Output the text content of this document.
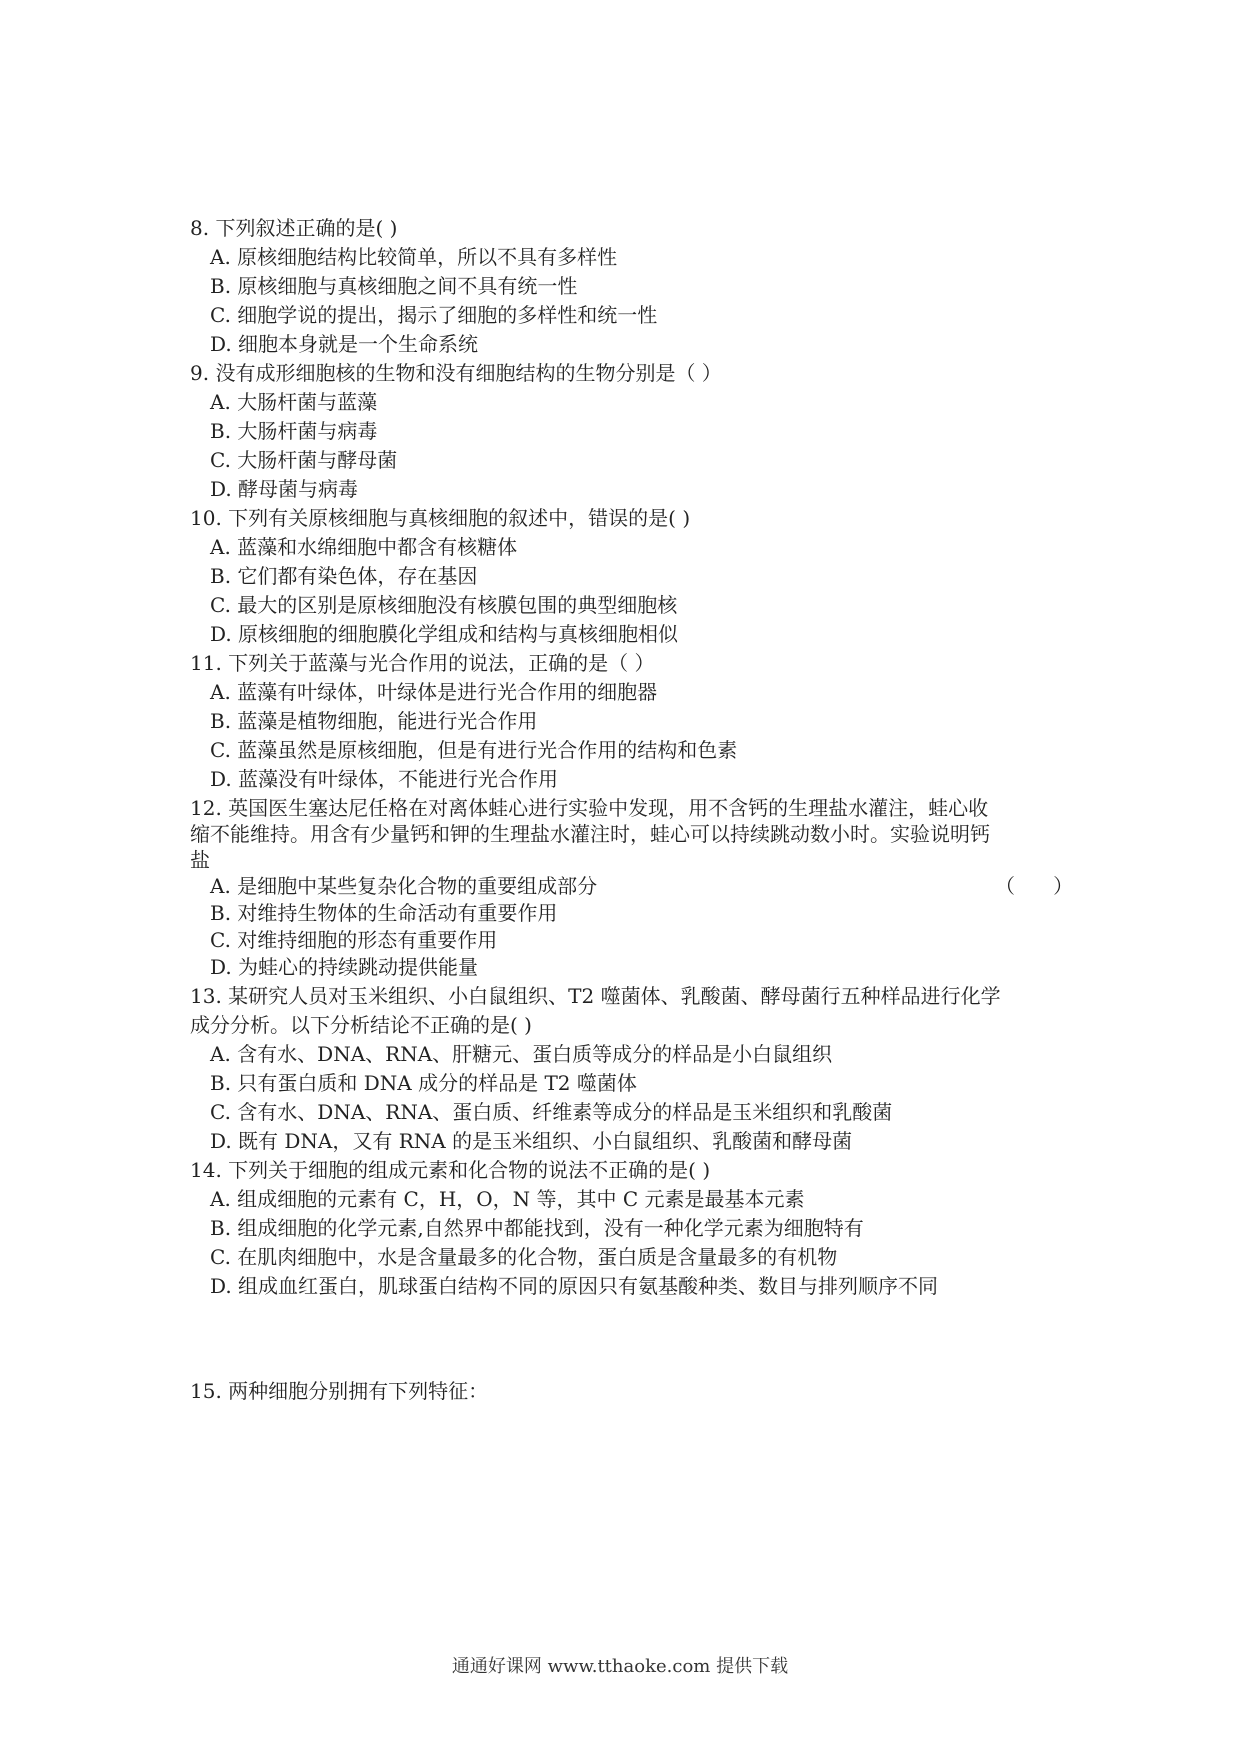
8. 下列叙述正确的是( )
A. 原核细胞结构比较简单，所以不具有多样性
B. 原核细胞与真核细胞之间不具有统一性
C. 细胞学说的提出，揭示了细胞的多样性和统一性
D. 细胞本身就是一个生命系统
9. 没有成形细胞核的生物和没有细胞结构的生物分别是（ ）
A. 大肠杆菌与蓝藻
B. 大肠杆菌与病毒
C. 大肠杆菌与酵母菌
D. 酵母菌与病毒
10. 下列有关原核细胞与真核细胞的叙述中，错误的是( )
A. 蓝藻和水绵细胞中都含有核糖体
B. 它们都有染色体，存在基因
C. 最大的区别是原核细胞没有核膜包围的典型细胞核
D. 原核细胞的细胞膜化学组成和结构与真核细胞相似
11. 下列关于蓝藻与光合作用的说法，正确的是（ ）
A. 蓝藻有叶绿体，叶绿体是进行光合作用的细胞器
B. 蓝藻是植物细胞，能进行光合作用
C. 蓝藻虽然是原核细胞，但是有进行光合作用的结构和色素
D. 蓝藻没有叶绿体，不能进行光合作用
12. 英国医生塞达尼任格在对离体蛙心进行实验中发现，用不含钙的生理盐水灌注，蛙心收
缩不能维持。用含有少量钙和钾的生理盐水灌注时，蛙心可以持续跳动数小时。实验说明钙
盐
A. 是细胞中某些复杂化合物的重要组成部分	（      ）
B. 对维持生物体的生命活动有重要作用
C. 对维持细胞的形态有重要作用
D. 为蛙心的持续跳动提供能量
13. 某研究人员对玉米组织、小白鼠组织、T2 噬菌体、乳酸菌、酵母菌行五种样品进行化学
成分分析。以下分析结论不正确的是( )
A. 含有水、DNA、RNA、肝糖元、蛋白质等成分的样品是小白鼠组织
B. 只有蛋白质和 DNA 成分的样品是 T2 噬菌体
C. 含有水、DNA、RNA、蛋白质、纤维素等成分的样品是玉米组织和乳酸菌
D. 既有 DNA，又有 RNA 的是玉米组织、小白鼠组织、乳酸菌和酵母菌
14. 下列关于细胞的组成元素和化合物的说法不正确的是( )
A. 组成细胞的元素有 C，H，O，N 等，其中 C 元素是最基本元素
B. 组成细胞的化学元素,自然界中都能找到，没有一种化学元素为细胞特有
C. 在肌肉细胞中，水是含量最多的化合物，蛋白质是含量最多的有机物
D. 组成血红蛋白，肌球蛋白结构不同的原因只有氨基酸种类、数目与排列顺序不同
15. 两种细胞分别拥有下列特征：
通通好课网 www.tthaoke.com 提供下载
